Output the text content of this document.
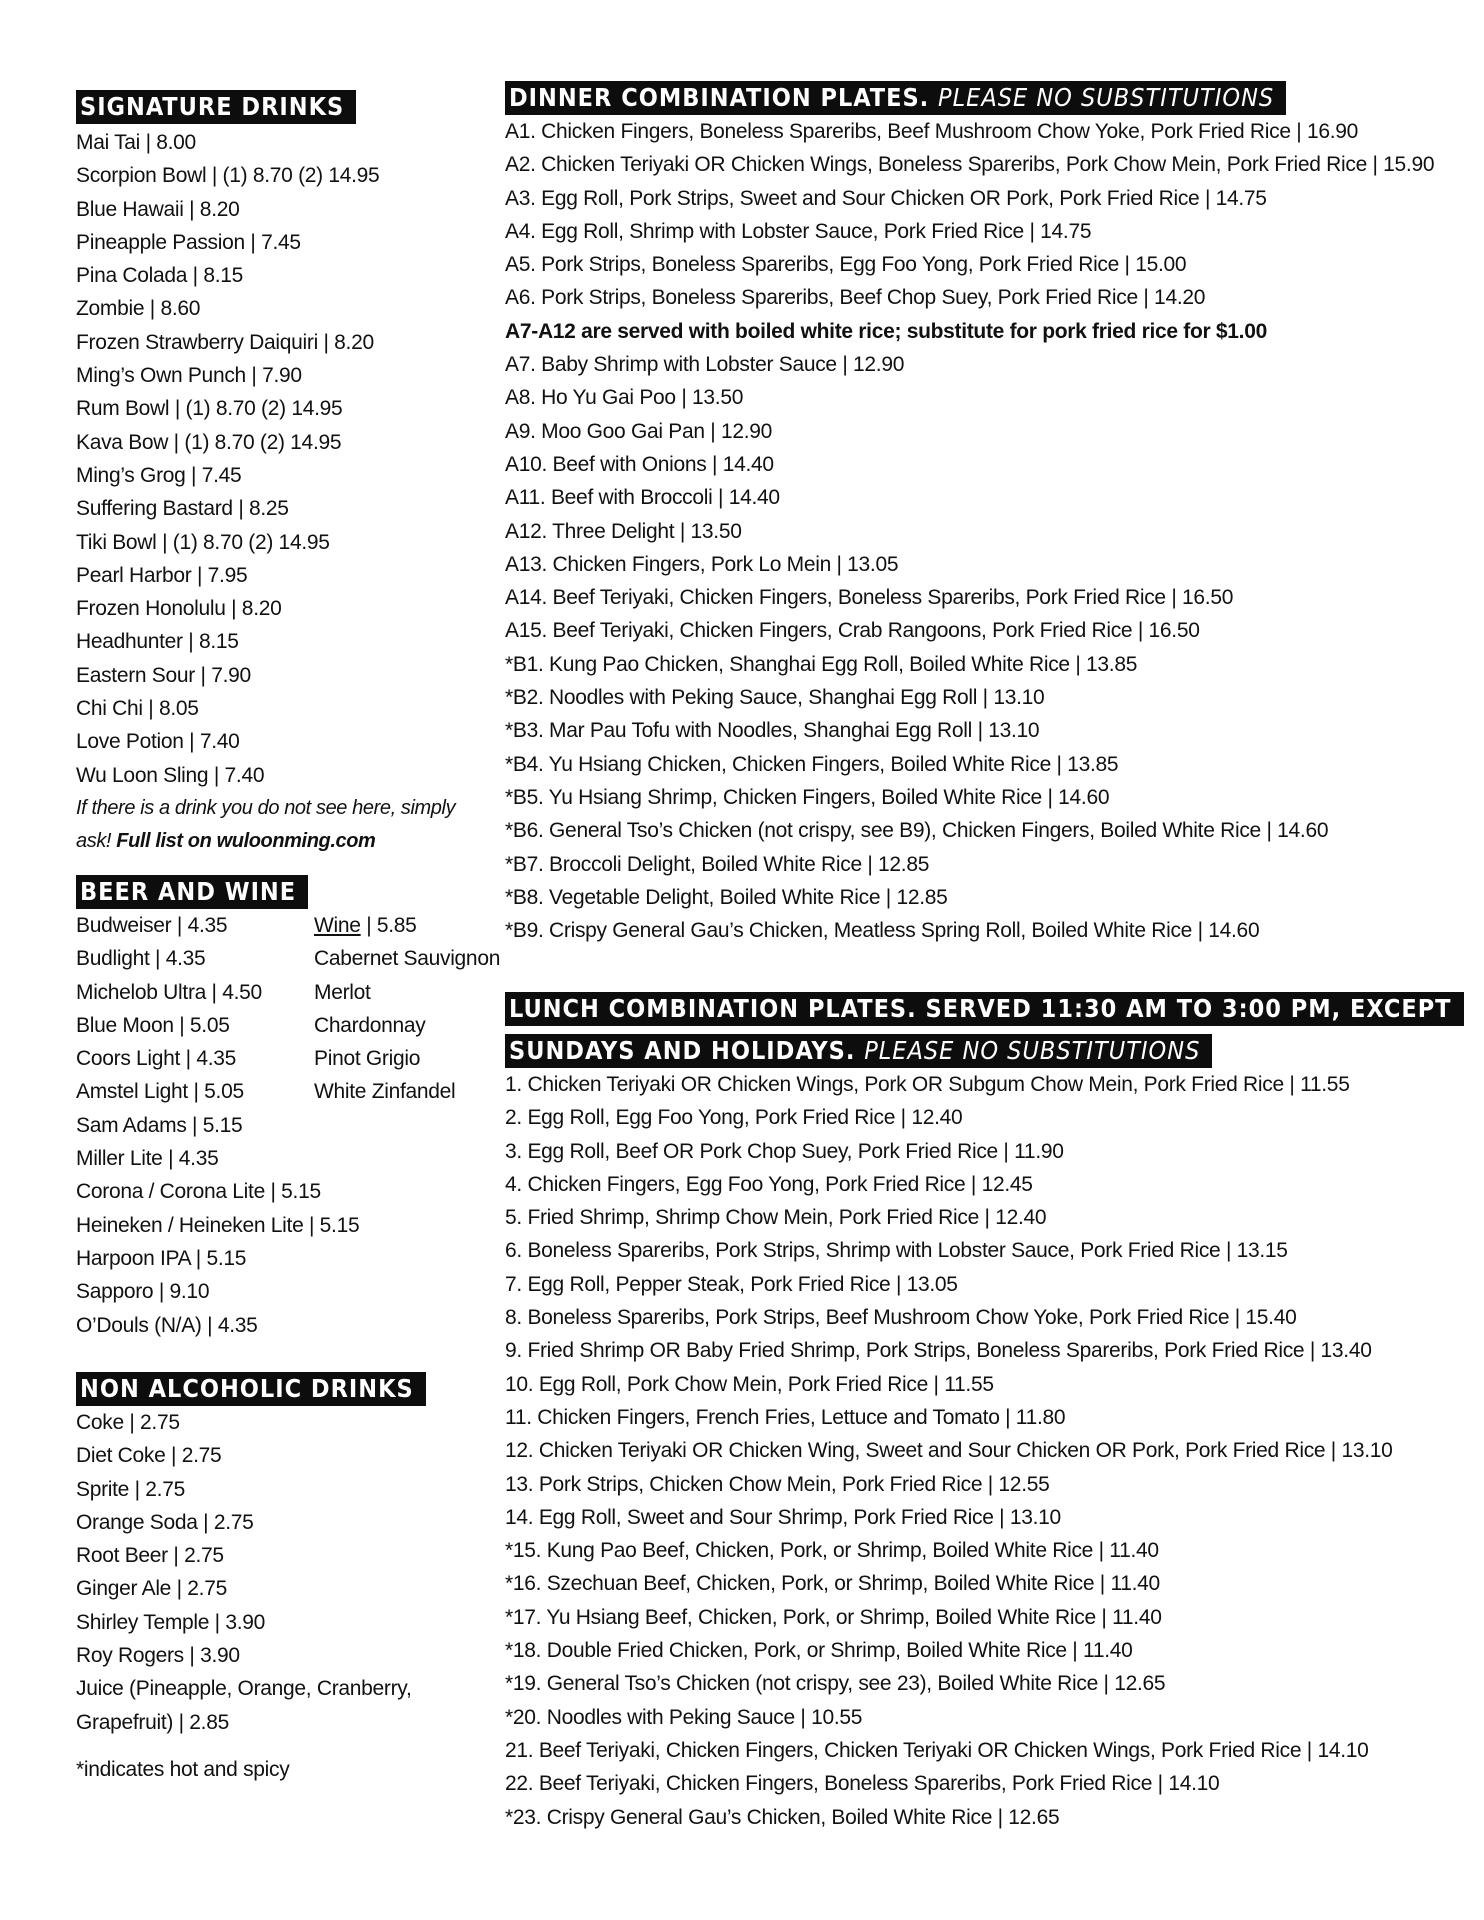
SIGNATURE DRINKS
Mai Tai | 8.00
Scorpion Bowl | (1) 8.70 (2) 14.95
Blue Hawaii | 8.20
Pineapple Passion | 7.45
Pina Colada | 8.15
Zombie | 8.60
Frozen Strawberry Daiquiri | 8.20
Ming’s Own Punch | 7.90
Rum Bowl | (1) 8.70 (2) 14.95
Kava Bow | (1) 8.70 (2) 14.95
Ming’s Grog | 7.45
Suffering Bastard | 8.25
Tiki Bowl | (1) 8.70 (2) 14.95
Pearl Harbor | 7.95
Frozen Honolulu | 8.20
Headhunter | 8.15
Eastern Sour | 7.90
Chi Chi | 8.05
Love Potion | 7.40
Wu Loon Sling | 7.40
If there is a drink you do not see here, simply
ask! Full list on wuloonming.com
BEER AND WINE
Budweiser | 4.35
Budlight | 4.35
Michelob Ultra | 4.50
Blue Moon | 5.05
Coors Light | 4.35
Amstel Light | 5.05
Sam Adams | 5.15
Miller Lite | 4.35
Corona / Corona Lite | 5.15
Heineken / Heineken Lite | 5.15
Harpoon IPA | 5.15
Sapporo | 9.10
O’Douls (N/A) | 4.35
Wine | 5.85
Cabernet Sauvignon
Merlot
Chardonnay
Pinot Grigio
White Zinfandel
NON ALCOHOLIC DRINKS
Coke | 2.75
Diet Coke | 2.75
Sprite | 2.75
Orange Soda | 2.75
Root Beer | 2.75
Ginger Ale | 2.75
Shirley Temple | 3.90
Roy Rogers | 3.90
Juice (Pineapple, Orange, Cranberry,
Grapefruit) | 2.85
*indicates hot and spicy
DINNER COMBINATION PLATES. PLEASE NO SUBSTITUTIONS
A1. Chicken Fingers, Boneless Spareribs, Beef Mushroom Chow Yoke, Pork Fried Rice | 16.90
A2. Chicken Teriyaki OR Chicken Wings, Boneless Spareribs, Pork Chow Mein, Pork Fried Rice | 15.90
A3. Egg Roll, Pork Strips, Sweet and Sour Chicken OR Pork, Pork Fried Rice | 14.75
A4. Egg Roll, Shrimp with Lobster Sauce, Pork Fried Rice | 14.75
A5. Pork Strips, Boneless Spareribs, Egg Foo Yong, Pork Fried Rice | 15.00
A6. Pork Strips, Boneless Spareribs, Beef Chop Suey, Pork Fried Rice | 14.20
A7-A12 are served with boiled white rice; substitute for pork fried rice for $1.00
A7. Baby Shrimp with Lobster Sauce | 12.90
A8. Ho Yu Gai Poo | 13.50
A9. Moo Goo Gai Pan | 12.90
A10. Beef with Onions | 14.40
A11. Beef with Broccoli | 14.40
A12. Three Delight | 13.50
A13. Chicken Fingers, Pork Lo Mein | 13.05
A14. Beef Teriyaki, Chicken Fingers, Boneless Spareribs, Pork Fried Rice | 16.50
A15. Beef Teriyaki, Chicken Fingers, Crab Rangoons, Pork Fried Rice | 16.50
*B1. Kung Pao Chicken, Shanghai Egg Roll, Boiled White Rice | 13.85
*B2. Noodles with Peking Sauce, Shanghai Egg Roll | 13.10
*B3. Mar Pau Tofu with Noodles, Shanghai Egg Roll | 13.10
*B4. Yu Hsiang Chicken, Chicken Fingers, Boiled White Rice | 13.85
*B5. Yu Hsiang Shrimp, Chicken Fingers, Boiled White Rice | 14.60
*B6. General Tso’s Chicken (not crispy, see B9), Chicken Fingers, Boiled White Rice | 14.60
*B7. Broccoli Delight, Boiled White Rice | 12.85
*B8. Vegetable Delight, Boiled White Rice | 12.85
*B9. Crispy General Gau’s Chicken, Meatless Spring Roll, Boiled White Rice | 14.60
LUNCH COMBINATION PLATES. SERVED 11:30 AM TO 3:00 PM, EXCEPT
SUNDAYS AND HOLIDAYS. PLEASE NO SUBSTITUTIONS
1. Chicken Teriyaki OR Chicken Wings, Pork OR Subgum Chow Mein, Pork Fried Rice | 11.55
2. Egg Roll, Egg Foo Yong, Pork Fried Rice | 12.40
3. Egg Roll, Beef OR Pork Chop Suey, Pork Fried Rice | 11.90
4. Chicken Fingers, Egg Foo Yong, Pork Fried Rice | 12.45
5. Fried Shrimp, Shrimp Chow Mein, Pork Fried Rice | 12.40
6. Boneless Spareribs, Pork Strips, Shrimp with Lobster Sauce, Pork Fried Rice | 13.15
7. Egg Roll, Pepper Steak, Pork Fried Rice | 13.05
8. Boneless Spareribs, Pork Strips, Beef Mushroom Chow Yoke, Pork Fried Rice | 15.40
9. Fried Shrimp OR Baby Fried Shrimp, Pork Strips, Boneless Spareribs, Pork Fried Rice | 13.40
10. Egg Roll, Pork Chow Mein, Pork Fried Rice | 11.55
11. Chicken Fingers, French Fries, Lettuce and Tomato | 11.80
12. Chicken Teriyaki OR Chicken Wing, Sweet and Sour Chicken OR Pork, Pork Fried Rice | 13.10
13. Pork Strips, Chicken Chow Mein, Pork Fried Rice | 12.55
14. Egg Roll, Sweet and Sour Shrimp, Pork Fried Rice | 13.10
*15. Kung Pao Beef, Chicken, Pork, or Shrimp, Boiled White Rice | 11.40
*16. Szechuan Beef, Chicken, Pork, or Shrimp, Boiled White Rice | 11.40
*17. Yu Hsiang Beef, Chicken, Pork, or Shrimp, Boiled White Rice | 11.40
*18. Double Fried Chicken, Pork, or Shrimp, Boiled White Rice | 11.40
*19. General Tso’s Chicken (not crispy, see 23), Boiled White Rice | 12.65
*20. Noodles with Peking Sauce | 10.55
21. Beef Teriyaki, Chicken Fingers, Chicken Teriyaki OR Chicken Wings, Pork Fried Rice | 14.10
22. Beef Teriyaki, Chicken Fingers, Boneless Spareribs, Pork Fried Rice | 14.10
*23. Crispy General Gau’s Chicken, Boiled White Rice | 12.65
